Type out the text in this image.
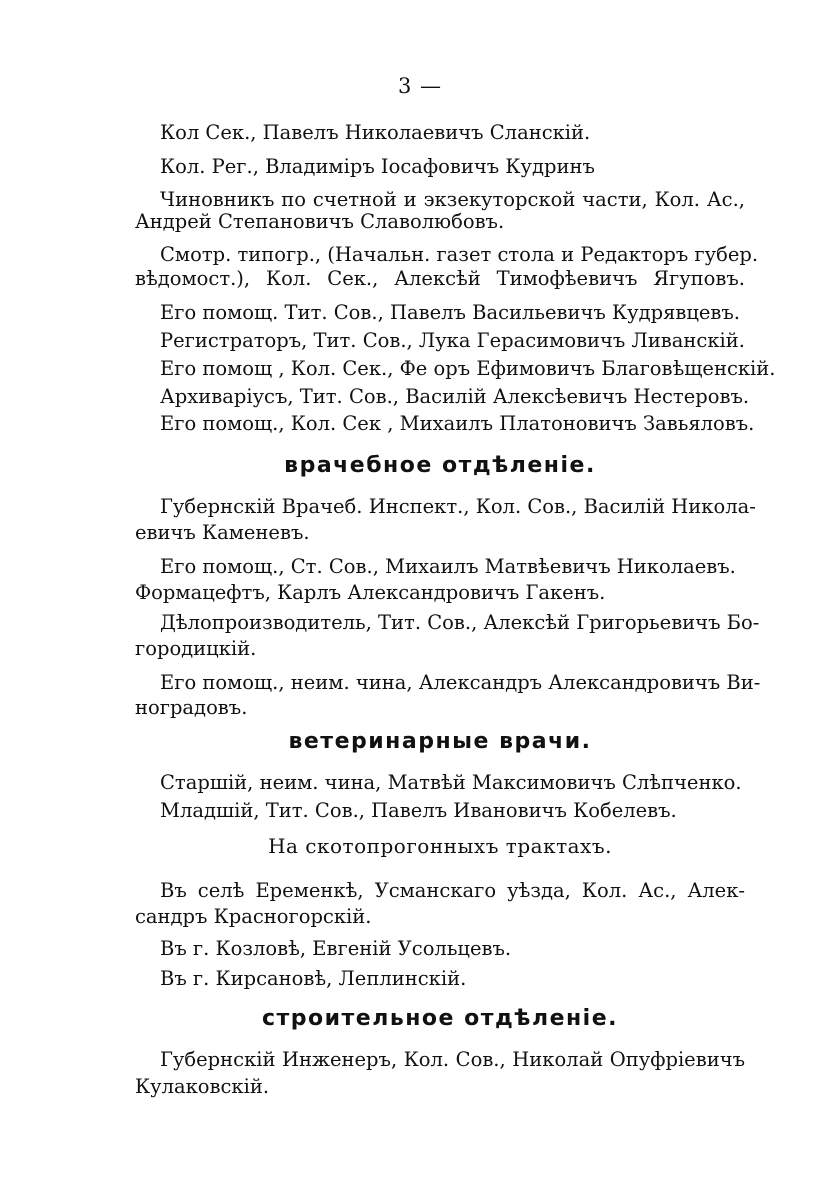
3 —
Кол Сек., Павелъ Николаевичъ Сланскiй.
Кол. Рег., Владимiръ Iосафовичъ Кудринъ
Чиновникъ по счетной и экзекуторской части, Кол. Ас.,
Андрей Степановичъ Славолюбовъ.
Смотр. типогр., (Начальн. газет стола и Редакторъ губер.
вѣдомост.), Кол. Сек., Алексѣй Тимофѣевичъ Ягуповъ.
Его помощ. Тит. Сов., Павелъ Васильевичъ Кудрявцевъ.
Регистраторъ, Тит. Сов., Лука Герасимовичъ Ливанскiй.
Его помощ , Кол. Сек., Фе оръ Ефимовичъ Благовѣщенскiй.
Архиварiусъ, Тит. Сов., Василiй Алексѣевичъ Нестеровъ.
Его помощ., Кол. Сек , Михаилъ Платоновичъ Завьяловъ.
врачебное отдѣленiе.
Губернскiй Врачеб. Инспект., Кол. Сов., Василiй Никола-
евичъ Каменевъ.
Его помощ., Ст. Сов., Михаилъ Матвѣевичъ Николаевъ.
Формацефтъ, Карлъ Александровичъ Гакенъ.
Дѣлопроизводитель, Тит. Сов., Алексѣй Григорьевичъ Бо-
городицкiй.
Его помощ., неим. чина, Александръ Александровичъ Ви-
ноградовъ.
ветеринарные врачи.
Старшiй, неим. чина, Матвѣй Максимовичъ Слѣпченко.
Младшiй, Тит. Сов., Павелъ Ивановичъ Кобелевъ.
На скотопрогонныхъ трактахъ.
Въ селѣ Еременкѣ, Усманскаго уѣзда, Кол. Ас., Алек-
сандръ Красногорскiй.
Въ г. Козловѣ, Евгенiй Усольцевъ.
Въ г. Кирсановѣ, Леплинскiй.
строительное отдѣленiе.
Губернскiй Инженеръ, Кол. Сов., Николай Опуфрiевичъ
Кулаковскiй.
